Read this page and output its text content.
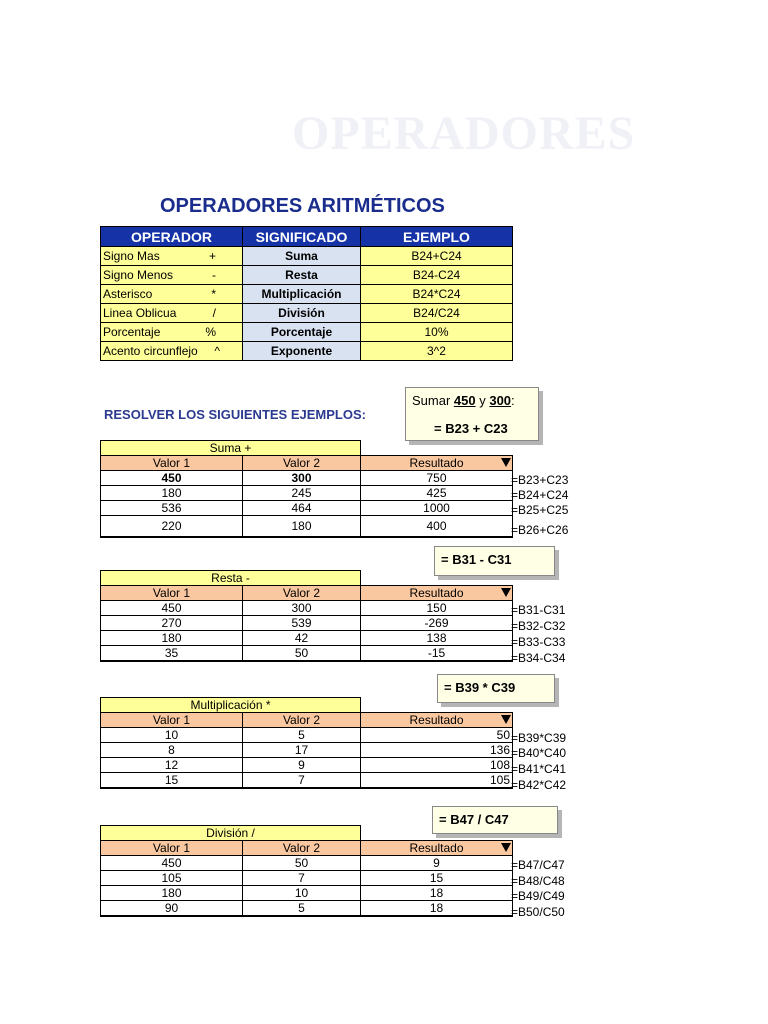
OPERADORES
OPERADORES ARITMÉTICOS
OPERADOR	SIGNIFICADO	EJEMPLO
Signo Mas +	Suma	B24+C24
Signo Menos -	Resta	B24-C24
Asterisco *	Multiplicación	B24*C24
Linea Oblicua /	División	B24/C24
Porcentaje %	Porcentaje	10%
Acento circunflejo ^	Exponente	3^2
RESOLVER LOS SIGUIENTES EJEMPLOS:
Sumar 450 y 300:
= B23 + C23
Suma +		
Valor 1	Valor 2	Resultado
450	300	750
180	245	425
536	464	1000
220	180	400
=B23+C23
=B24+C24
=B25+C25
=B26+C26
= B31 - C31
Resta -		
Valor 1	Valor 2	Resultado
450	300	150
270	539	-269
180	42	138
35	50	-15
=B31-C31
=B32-C32
=B33-C33
=B34-C34
= B39 * C39
Multiplicación *		
Valor 1	Valor 2	Resultado
10	5	50
8	17	136
12	9	108
15	7	105
=B39*C39
=B40*C40
=B41*C41
=B42*C42
= B47 / C47
División /		
Valor 1	Valor 2	Resultado
450	50	9
105	7	15
180	10	18
90	5	18
=B47/C47
=B48/C48
=B49/C49
=B50/C50
